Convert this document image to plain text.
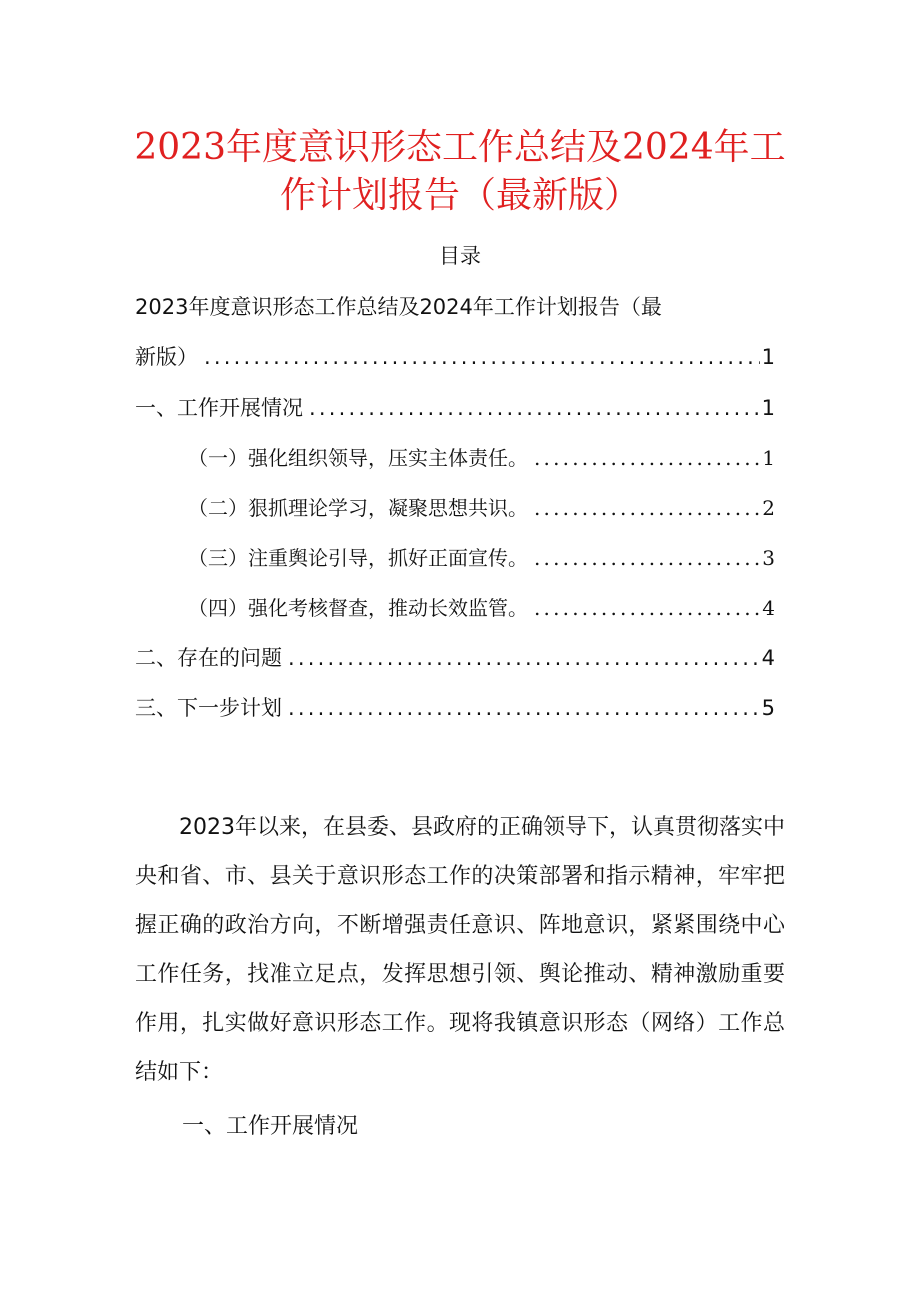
2023年度意识形态工作总结及2024年工
作计划报告（最新版）
目录
2023年度意识形态工作总结及2024年工作计划报告（最
新版） .....	1
一、工作开展情况 .....	1
（一）强化组织领导，压实主体责任。 .....	1
（二）狠抓理论学习，凝聚思想共识。 .....	2
（三）注重舆论引导，抓好正面宣传。 .....	3
（四）强化考核督查，推动长效监管。 .....	4
二、存在的问题 .....	4
三、下一步计划 .....	5

2023年以来，在县委、县政府的正确领导下，认真贯彻落实中央和省、市、县关于意识形态工作的决策部署和指示精神，牢牢把握正确的政治方向，不断增强责任意识、阵地意识，紧紧围绕中心工作任务，找准立足点，发挥思想引领、舆论推动、精神激励重要作用，扎实做好意识形态工作。现将我镇意识形态（网络）工作总结如下：

一、工作开展情况
